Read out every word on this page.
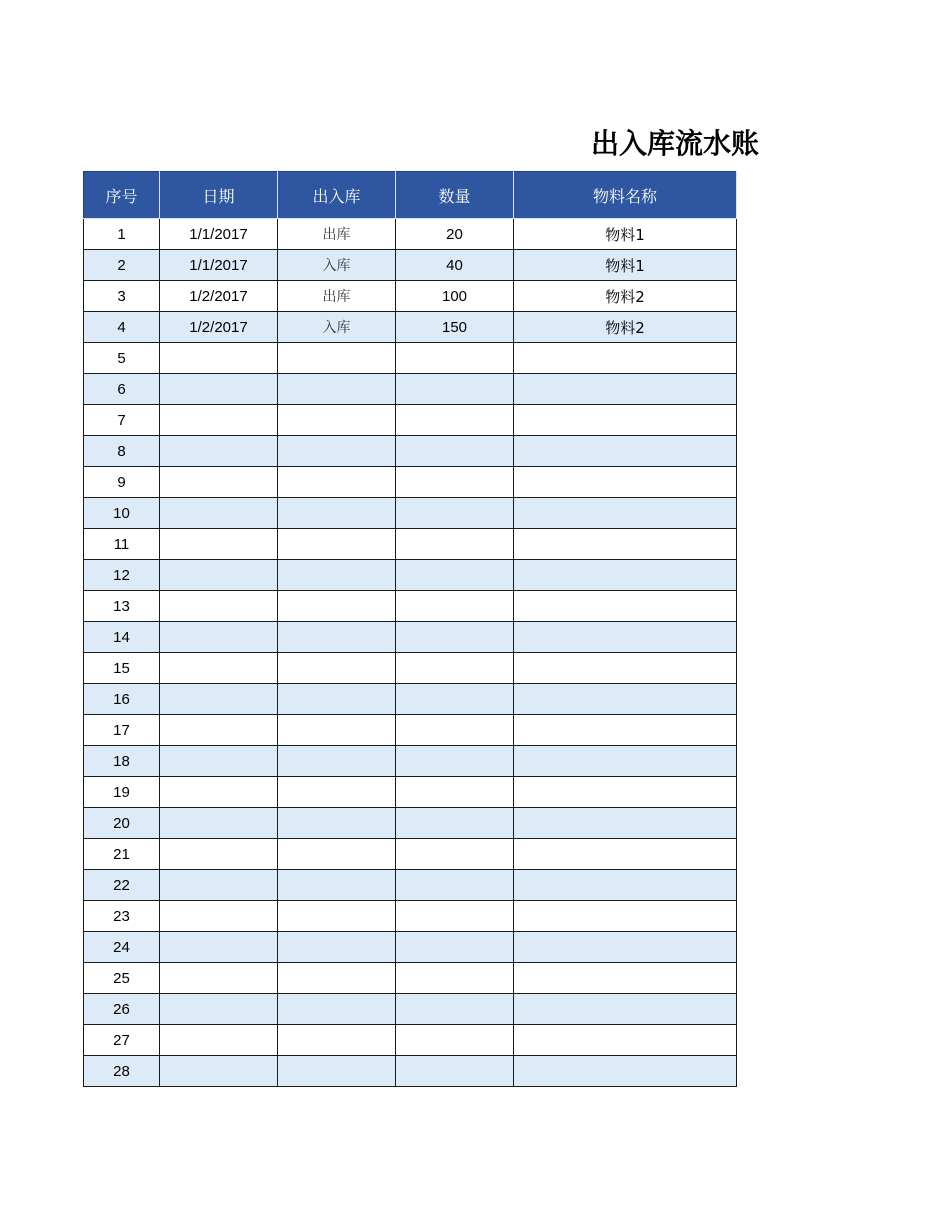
出入库流水账
序号	日期	出入库	数量	物料名称
1	1/1/2017	出库	20	物料1
2	1/1/2017	入库	40	物料1
3	1/2/2017	出库	100	物料2
4	1/2/2017	入库	150	物料2
5				
6				
7				
8				
9				
10				
11				
12				
13				
14				
15				
16				
17				
18				
19				
20				
21				
22				
23				
24				
25				
26				
27				
28				
